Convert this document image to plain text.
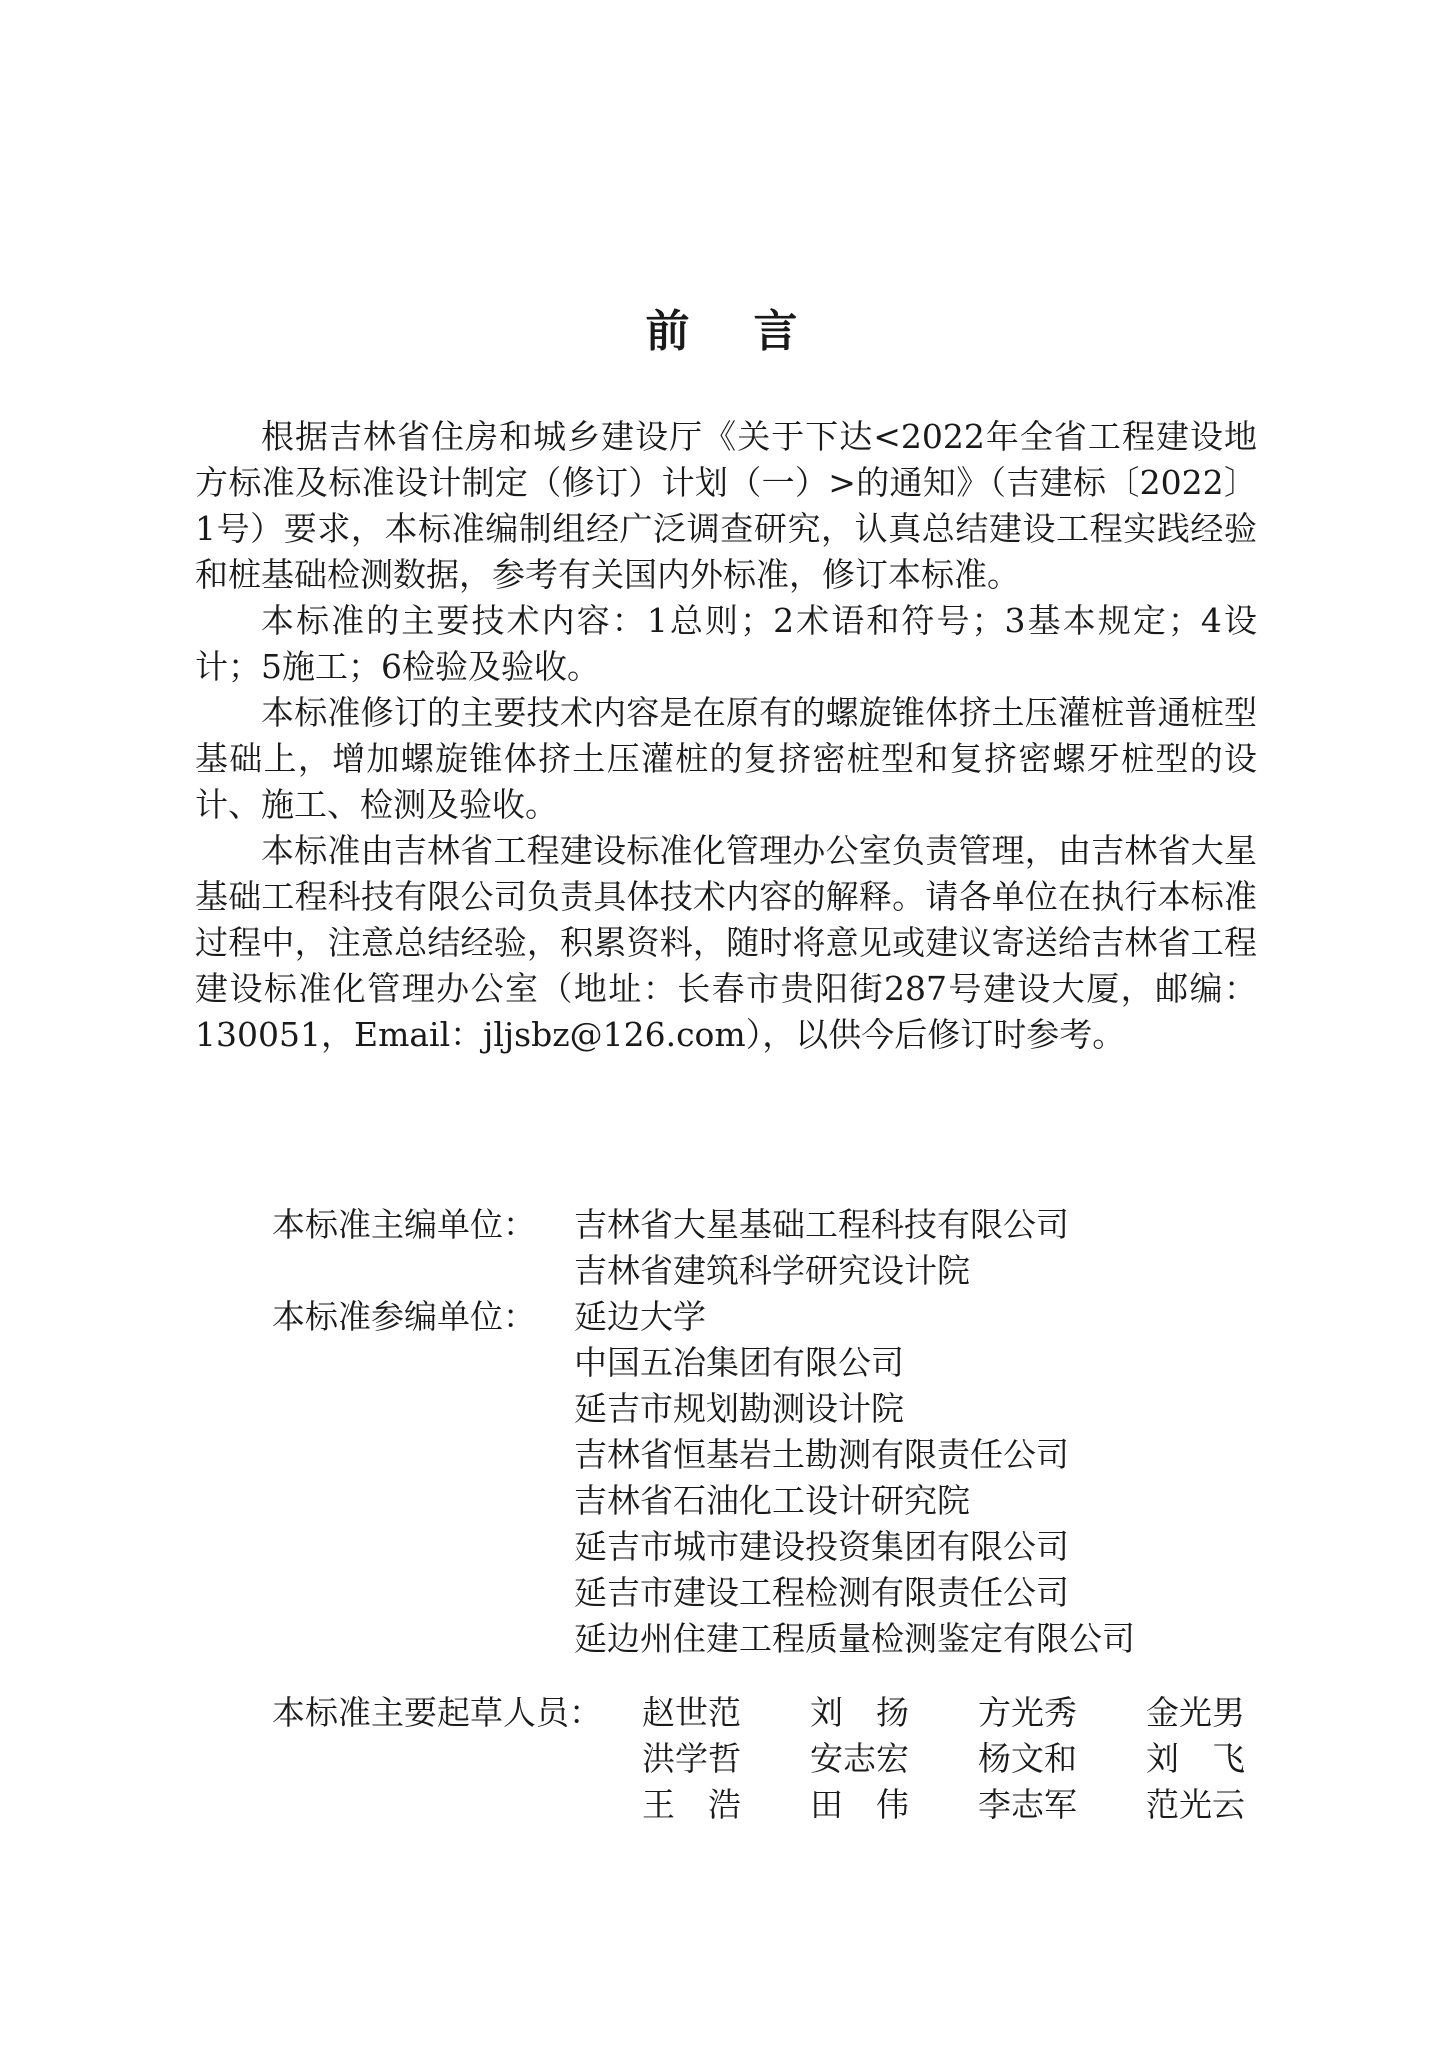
前 言

根据吉林省住房和城乡建设厅《关于下达<2022年全省工程建设地方标准及标准设计制定（修订）计划（一）>的通知》（吉建标〔2022〕1号）要求，本标准编制组经广泛调查研究，认真总结建设工程实践经验和桩基础检测数据，参考有关国内外标准，修订本标准。

本标准的主要技术内容：1总则；2术语和符号；3基本规定；4设计；5施工；6检验及验收。

本标准修订的主要技术内容是在原有的螺旋锥体挤土压灌桩普通桩型基础上，增加螺旋锥体挤土压灌桩的复挤密桩型和复挤密螺牙桩型的设计、施工、检测及验收。

本标准由吉林省工程建设标准化管理办公室负责管理，由吉林省大星基础工程科技有限公司负责具体技术内容的解释。请各单位在执行本标准过程中，注意总结经验，积累资料，随时将意见或建议寄送给吉林省工程建设标准化管理办公室（地址：长春市贵阳街287号建设大厦，邮编：130051，Email：jljsbz@126.com），以供今后修订时参考。

本标准主编单位：	吉林省大星基础工程科技有限公司
吉林省建筑科学研究设计院
本标准参编单位：	延边大学
中国五冶集团有限公司
延吉市规划勘测设计院
吉林省恒基岩土勘测有限责任公司
吉林省石油化工设计研究院
延吉市城市建设投资集团有限公司
延吉市建设工程检测有限责任公司
延边州住建工程质量检测鉴定有限公司
本标准主要起草人员：	赵世范	刘　扬	方光秀	金光男
洪学哲	安志宏	杨文和	刘　飞
王　浩	田　伟	李志军	范光云
